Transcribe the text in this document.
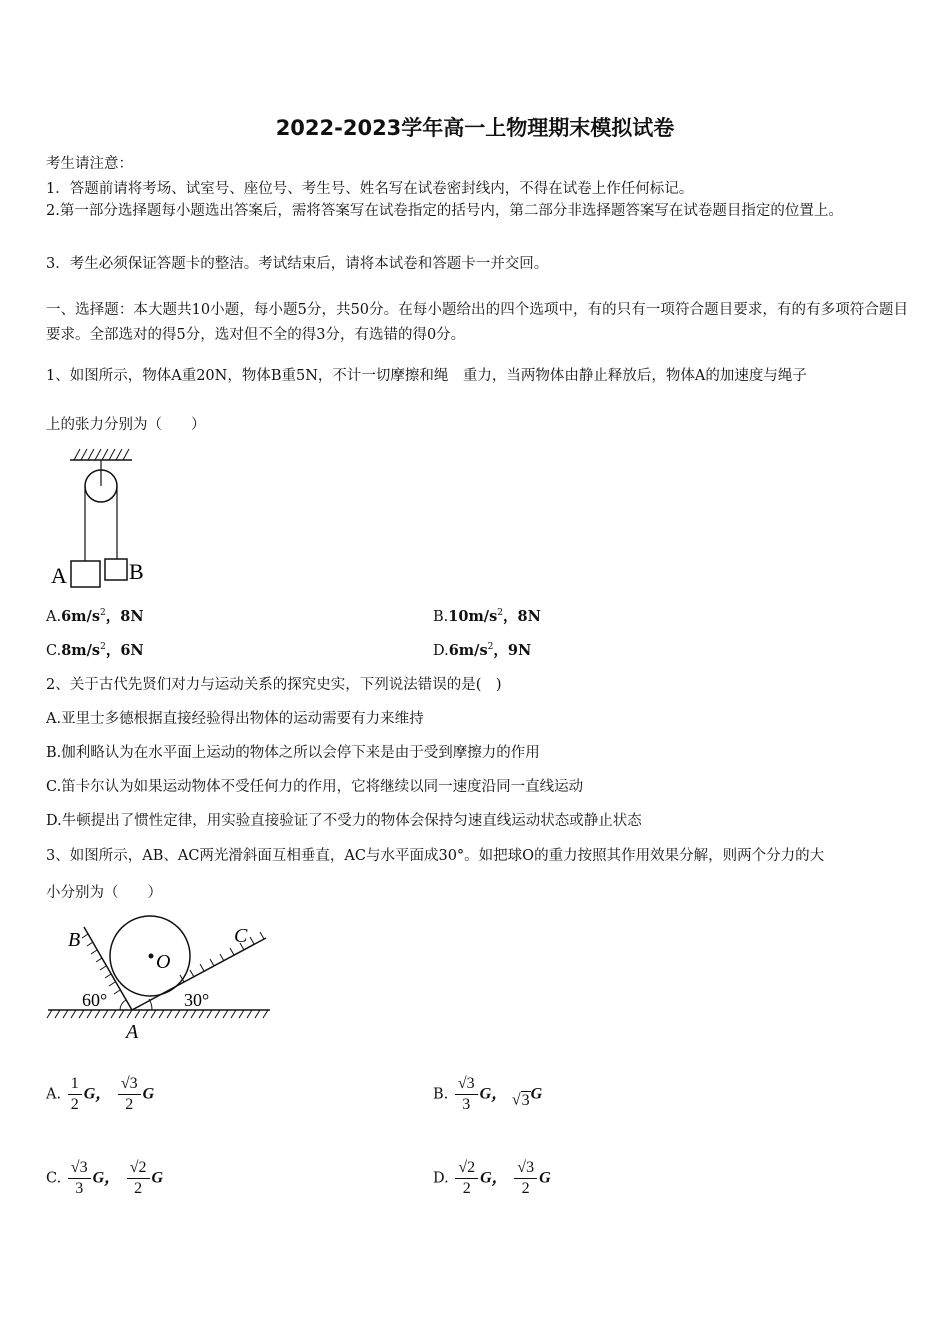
2022-2023学年高一上物理期末模拟试卷
考生请注意：
1．答题前请将考场、试室号、座位号、考生号、姓名写在试卷密封线内，不得在试卷上作任何标记。
2.第一部分选择题每小题选出答案后，需将答案写在试卷指定的括号内，第二部分非选择题答案写在试卷题目指定的位置上。
3．考生必须保证答题卡的整洁。考试结束后，请将本试卷和答题卡一并交回。
一、选择题：本大题共10小题，每小题5分，共50分。在每小题给出的四个选项中，有的只有一项符合题目要求，有的有多项符合题目要求。全部选对的得5分，选对但不全的得3分，有选错的得0分。
1、如图所示，物体A重20N，物体B重5N，不计一切摩擦和绳　重力，当两物体由静止释放后，物体A的加速度与绳子
上的张力分别为（　　）
A	B
$A.6m/s^2$，8N	$B.10m/s^2$，8N
$C.8m/s^2$，6N	$D.6m/s^2$，9N
2、关于古代先贤们对力与运动关系的探究史实，下列说法错误的是(　)
A.亚里士多德根据直接经验得出物体的运动需要有力来维持
B.伽利略认为在水平面上运动的物体之所以会停下来是由于受到摩擦力的作用
C.笛卡尔认为如果运动物体不受任何力的作用，它将继续以同一速度沿同一直线运动
D.牛顿提出了惯性定律，用实验直接验证了不受力的物体会保持匀速直线运动状态或静止状态
3、如图所示，AB、AC两光滑斜面互相垂直，AC与水平面成30°。如把球O的重力按照其作用效果分解，则两个分力的大
小分别为（　　）
B	C
O
A
60°	30°
A. $\frac{1}{2}$ G， $\frac{√3}{2}$ G	B. $\frac{√3}{3}$ G， √3G
C. $\frac{√3}{3}$ G， $\frac{√2}{2}$ G	D. $\frac{√2}{2}$ G， $\frac{√3}{2}$ G
